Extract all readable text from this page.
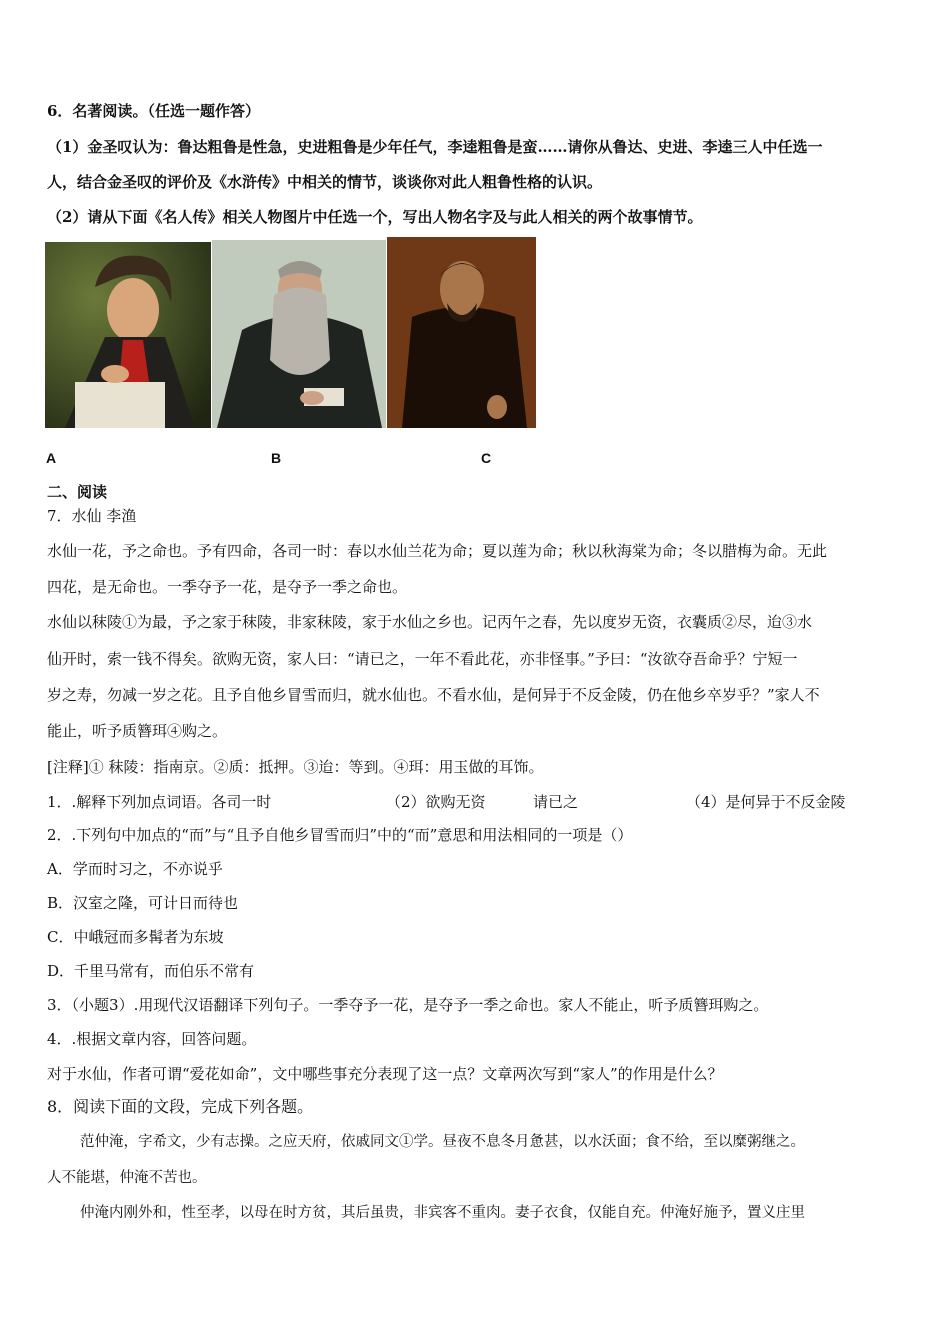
6．名著阅读。（任选一题作答）
（1）金圣叹认为：鲁达粗鲁是性急，史进粗鲁是少年任气，李逵粗鲁是蛮……请你从鲁达、史进、李逵三人中任选一
人，结合金圣叹的评价及《水浒传》中相关的情节，谈谈你对此人粗鲁性格的认识。
（2）请从下面《名人传》相关人物图片中任选一个，写出人物名字及与此人相关的两个故事情节。
A	B	C
二、阅读
7．水仙 李渔
水仙一花，予之命也。予有四命，各司一时：春以水仙兰花为命；夏以莲为命；秋以秋海棠为命；冬以腊梅为命。无此
四花，是无命也。一季夺予一花，是夺予一季之命也。
水仙以秣陵①为最，予之家于秣陵，非家秣陵，家于水仙之乡也。记丙午之春，先以度岁无资，衣囊质②尽，迨③水
仙开时，索一钱不得矣。欲购无资，家人曰：“请已之，一年不看此花，亦非怪事。”予曰：“汝欲夺吾命乎？宁短一
岁之寿，勿减一岁之花。且予自他乡冒雪而归，就水仙也。不看水仙，是何异于不反金陵，仍在他乡卒岁乎？”家人不
能止，听予质簪珥④购之。
[注释]① 秣陵：指南京。②质：抵押。③迨：等到。④珥：用玉做的耳饰。
1．.解释下列加点词语。各司一时	（2）欲购无资	请已之	（4）是何异于不反金陵
2．.下列句中加点的“而”与“且予自他乡冒雪而归”中的“而”意思和用法相同的一项是（）
A．学而时习之，不亦说乎
B．汉室之隆，可计日而待也
C．中峨冠而多髯者为东坡
D．千里马常有，而伯乐不常有
3．（小题3）.用现代汉语翻译下列句子。一季夺予一花，是夺予一季之命也。家人不能止，听予质簪珥购之。
4．.根据文章内容，回答问题。
对于水仙，作者可谓“爱花如命”，文中哪些事充分表现了这一点？文章两次写到“家人”的作用是什么？
8．阅读下面的文段，完成下列各题。
范仲淹，字希文，少有志操。之应天府，依戚同文①学。昼夜不息冬月惫甚，以水沃面；食不给，至以糜粥继之。
人不能堪，仲淹不苦也。
仲淹内刚外和，性至孝，以母在时方贫，其后虽贵，非宾客不重肉。妻子衣食，仅能自充。仲淹好施予，置义庄里
